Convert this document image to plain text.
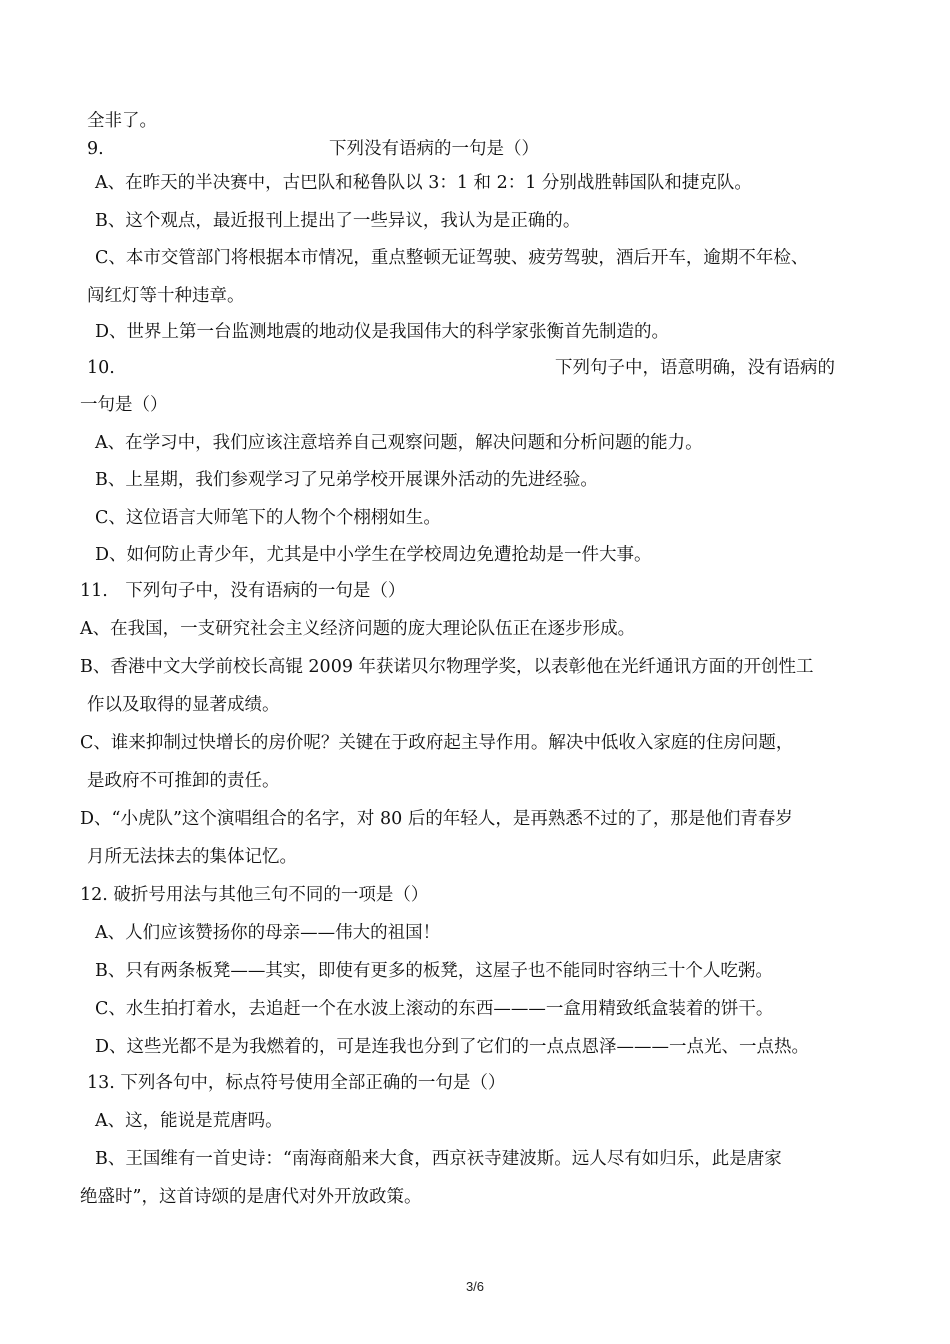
全非了。
9.	下列没有语病的一句是（）
A、在昨天的半决赛中，古巴队和秘鲁队以 3：1 和 2：1 分别战胜韩国队和捷克队。
B、这个观点，最近报刊上提出了一些异议，我认为是正确的。
C、本市交管部门将根据本市情况，重点整顿无证驾驶、疲劳驾驶，酒后开车，逾期不年检、
闯红灯等十种违章。
D、世界上第一台监测地震的地动仪是我国伟大的科学家张衡首先制造的。
10.	下列句子中，语意明确，没有语病的
一句是（）
A、在学习中，我们应该注意培养自己观察问题，解决问题和分析问题的能力。
B、上星期，我们参观学习了兄弟学校开展课外活动的先进经验。
C、这位语言大师笔下的人物个个栩栩如生。
D、如何防止青少年，尤其是中小学生在学校周边免遭抢劫是一件大事。
11.　下列句子中，没有语病的一句是（）
A、在我国，一支研究社会主义经济问题的庞大理论队伍正在逐步形成。
B、香港中文大学前校长高锟 2009 年获诺贝尔物理学奖，以表彰他在光纤通讯方面的开创性工
作以及取得的显著成绩。
C、谁来抑制过快增长的房价呢？关键在于政府起主导作用。解决中低收入家庭的住房问题，
是政府不可推卸的责任。
D、“小虎队”这个演唱组合的名字，对 80 后的年轻人，是再熟悉不过的了，那是他们青春岁
月所无法抹去的集体记忆。
12. 破折号用法与其他三句不同的一项是（）
A、人们应该赞扬你的母亲——伟大的祖国！
B、只有两条板凳——其实，即使有更多的板凳，这屋子也不能同时容纳三十个人吃粥。
C、水生拍打着水，去追赶一个在水波上滚动的东西———一盒用精致纸盒装着的饼干。
D、这些光都不是为我燃着的，可是连我也分到了它们的一点点恩泽———一点光、一点热。
13. 下列各句中，标点符号使用全部正确的一句是（）
A、这，能说是荒唐吗。
B、王国维有一首史诗：“南海商船来大食，西京祆寺建波斯。远人尽有如归乐，此是唐家
绝盛时”，这首诗颂的是唐代对外开放政策。
3/6
